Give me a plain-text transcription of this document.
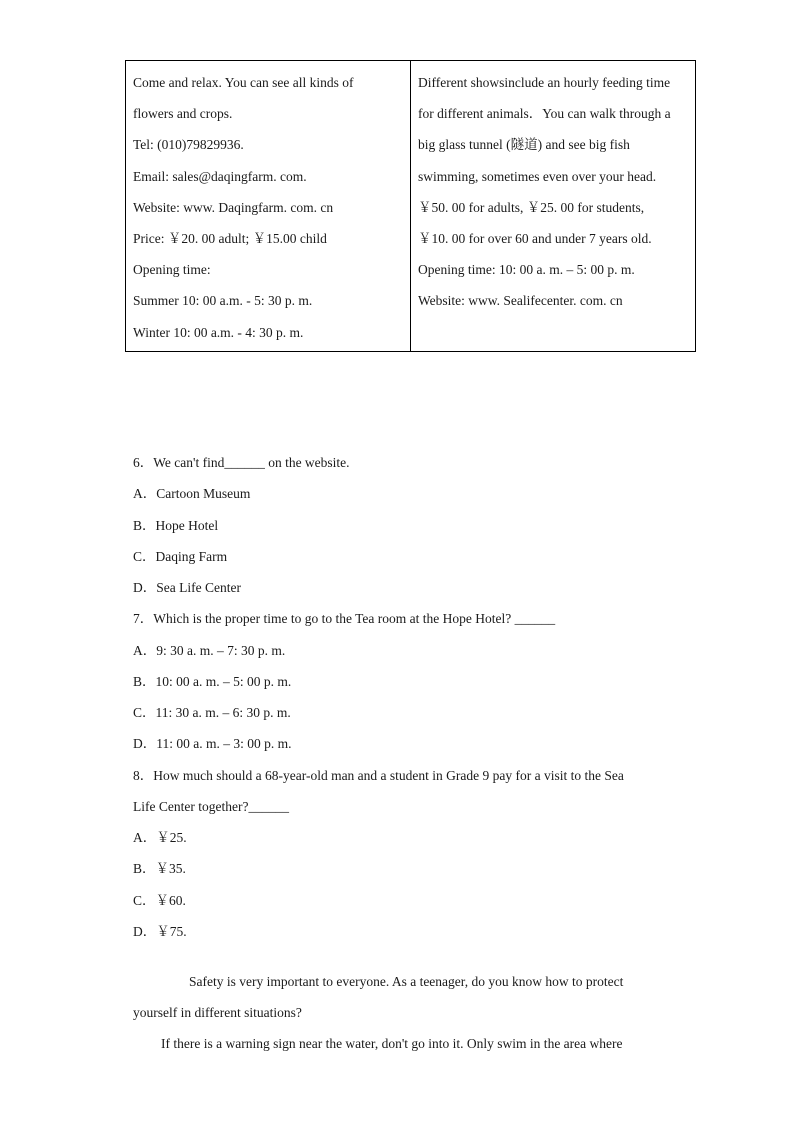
Come and relax. You can see all kinds of
flowers and crops.
Tel: (010)79829936.
Email: sales@daqingfarm. com.
Website: www. Daqingfarm. com. cn
Price: ￥20. 00 adult; ￥15.00 child
Opening time:
Summer 10: 00 a.m. - 5: 30 p. m.
Winter 10: 00 a.m. - 4: 30 p. m.
Different showsinclude an hourly feeding time
for different animals．You can walk through a
big glass tunnel (隧道) and see big fish
swimming, sometimes even over your head.
￥50. 00 for adults, ￥25. 00 for students,
￥10. 00 for over 60 and under 7 years old.
Opening time: 10: 00 a. m. – 5: 00 p. m.
Website: www. Sealifecenter. com. cn
6．We can't find______ on the website.
A．Cartoon Museum
B．Hope Hotel
C．Daqing Farm
D．Sea Life Center
7．Which is the proper time to go to the Tea room at the Hope Hotel? ______
A．9: 30 a. m. – 7: 30 p. m.
B．10: 00 a. m. – 5: 00 p. m.
C．11: 30 a. m. – 6: 30 p. m.
D．11: 00 a. m. – 3: 00 p. m.
8．How much should a 68-year-old man and a student in Grade 9 pay for a visit to the Sea
Life Center together?______
A．￥25.
B．￥35.
C．￥60.
D．￥75.
Safety is very important to everyone. As a teenager, do you know how to protect
yourself in different situations?
If there is a warning sign near the water, don't go into it. Only swim in the area where
